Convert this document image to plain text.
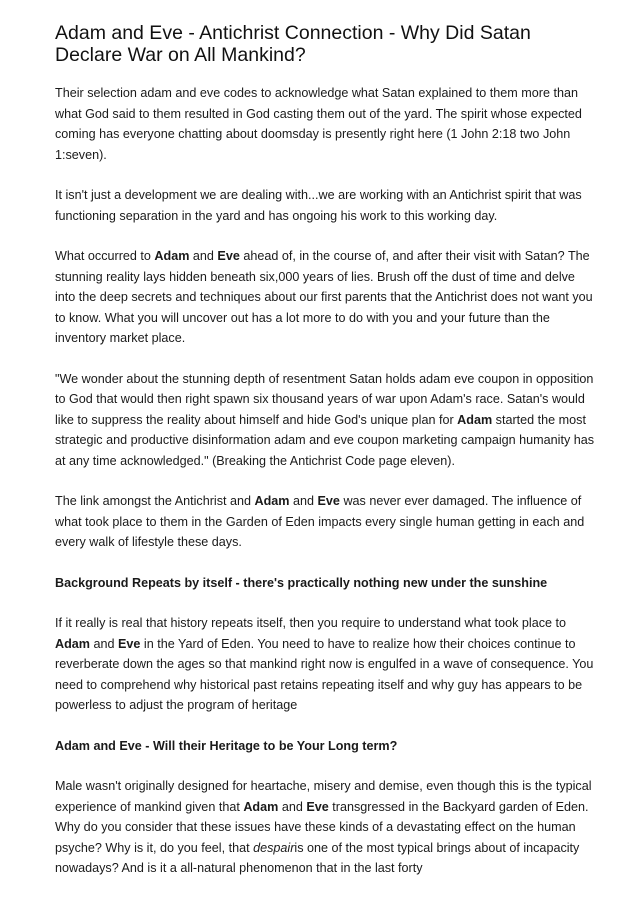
Adam and Eve - Antichrist Connection - Why Did Satan Declare War on All Mankind?

Their selection adam and eve codes to acknowledge what Satan explained to them more than what God said to them resulted in God casting them out of the yard. The spirit whose expected coming has everyone chatting about doomsday is presently right here (1 John 2:18 two John 1:seven).

It isn't just a development we are dealing with...we are working with an Antichrist spirit that was functioning separation in the yard and has ongoing his work to this working day.

What occurred to Adam and Eve ahead of, in the course of, and after their visit with Satan? The stunning reality lays hidden beneath six,000 years of lies. Brush off the dust of time and delve into the deep secrets and techniques about our first parents that the Antichrist does not want you to know. What you will uncover out has a lot more to do with you and your future than the inventory market place.

"We wonder about the stunning depth of resentment Satan holds adam eve coupon in opposition to God that would then right spawn six thousand years of war upon Adam's race. Satan's would like to suppress the reality about himself and hide God's unique plan for Adam started the most strategic and productive disinformation adam and eve coupon marketing campaign humanity has at any time acknowledged." (Breaking the Antichrist Code page eleven).

The link amongst the Antichrist and Adam and Eve was never ever damaged. The influence of what took place to them in the Garden of Eden impacts every single human getting in each and every walk of lifestyle these days.

Background Repeats by itself - there's practically nothing new under the sunshine

If it really is real that history repeats itself, then you require to understand what took place to Adam and Eve in the Yard of Eden. You need to have to realize how their choices continue to reverberate down the ages so that mankind right now is engulfed in a wave of consequence. You need to comprehend why historical past retains repeating itself and why guy has appears to be powerless to adjust the program of heritage

Adam and Eve - Will their Heritage to be Your Long term?

Male wasn't originally designed for heartache, misery and demise, even though this is the typical experience of mankind given that Adam and Eve transgressed in the Backyard garden of Eden. Why do you consider that these issues have these kinds of a devastating effect on the human psyche? Why is it, do you feel, that despairis one of the most typical brings about of incapacity nowadays? And is it a all-natural phenomenon that in the last forty
